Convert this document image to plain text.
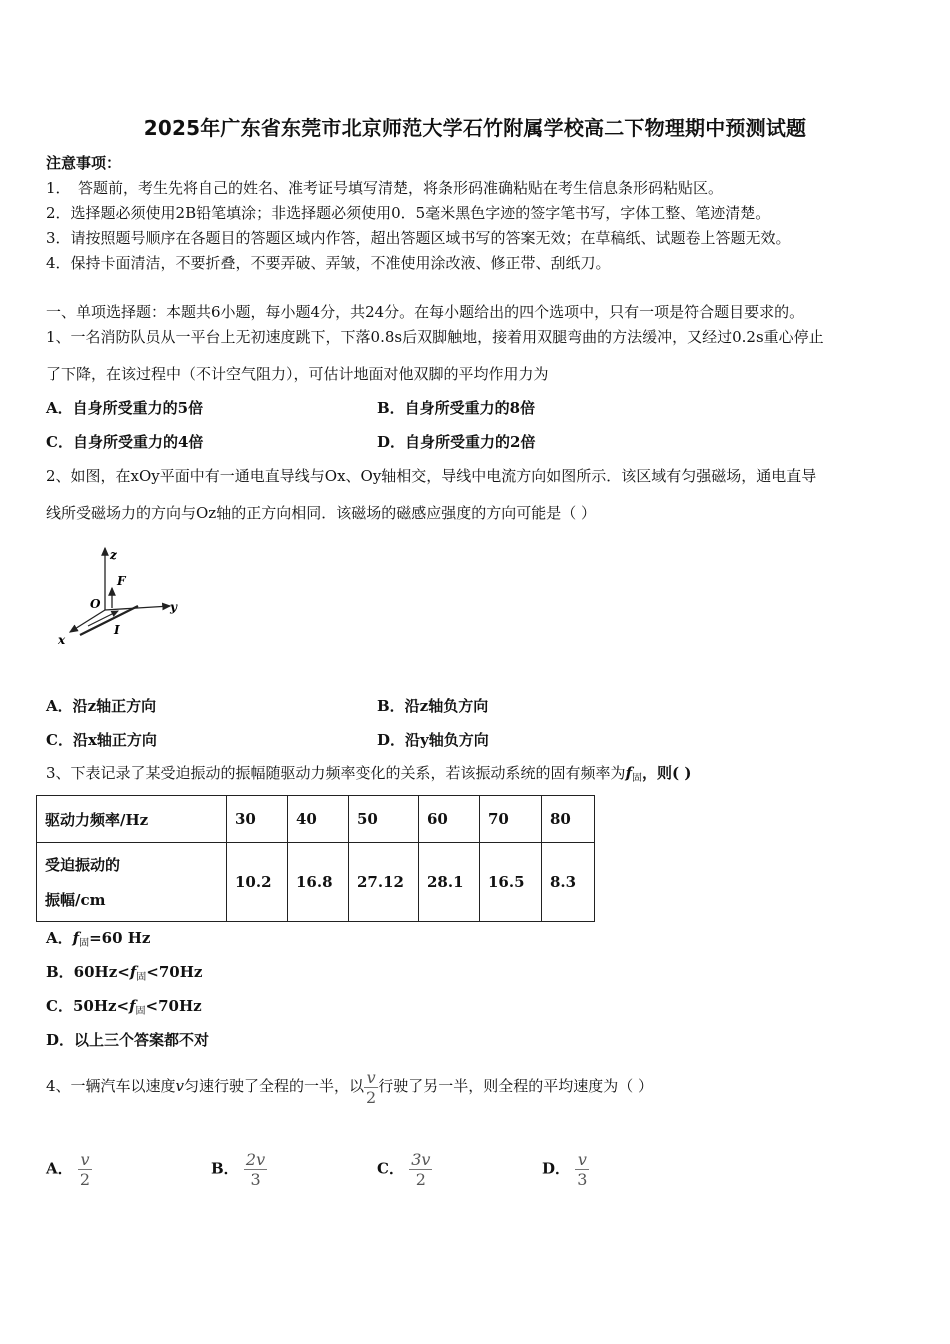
2025年广东省东莞市北京师范大学石竹附属学校高二下物理期中预测试题
注意事项：
1．　答题前，考生先将自己的姓名、准考证号填写清楚，将条形码准确粘贴在考生信息条形码粘贴区。
2．选择题必须使用2B铅笔填涂；非选择题必须使用0．5毫米黑色字迹的签字笔书写，字体工整、笔迹清楚。
3．请按照题号顺序在各题目的答题区域内作答，超出答题区域书写的答案无效；在草稿纸、试题卷上答题无效。
4．保持卡面清洁，不要折叠，不要弄破、弄皱，不准使用涂改液、修正带、刮纸刀。
一、单项选择题：本题共6小题，每小题4分，共24分。在每小题给出的四个选项中，只有一项是符合题目要求的。
1、一名消防队员从一平台上无初速度跳下，下落0.8s后双脚触地，接着用双腿弯曲的方法缓冲，又经过0.2s重心停止
了下降，在该过程中（不计空气阻力），可估计地面对他双脚的平均作用力为
A．自身所受重力的5倍	B．自身所受重力的8倍
C．自身所受重力的4倍	D．自身所受重力的2倍
2、如图，在xOy平面中有一通电直导线与Ox、Oy轴相交，导线中电流方向如图所示．该区域有匀强磁场，通电直导
线所受磁场力的方向与Oz轴的正方向相同．该磁场的磁感应强度的方向可能是（ ）
z
F
O	y
x
I
A．沿z轴正方向	B．沿z轴负方向
C．沿x轴正方向	D．沿y轴负方向
3、下表记录了某受迫振动的振幅随驱动力频率变化的关系，若该振动系统的固有频率为$f_固$，则( )
驱动力频率/Hz	30	40	50	60	70	80

受迫振动的
振幅/cm	10.2	16.8	27.12	28.1	16.5	8.3
A．$f_固=60$ Hz
B．$60Hz<f_固<70Hz$
C．$50Hz<f_固<70Hz$
D．以上三个答案都不对
4、一辆汽车以速度v匀速行驶了全程的一半，以 $\frac{v}{2}$ 行驶了另一半，则全程的平均速度为（ ）
A． $\frac{v}{2}$	B． $\frac{2v}{3}$	C． $\frac{3v}{2}$	D． $\frac{v}{3}$
